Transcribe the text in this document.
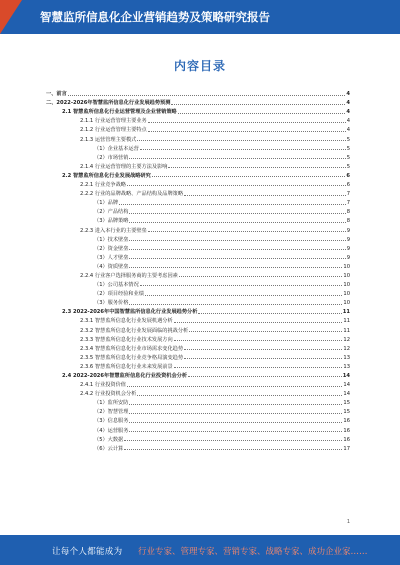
智慧监所信息化企业营销趋势及策略研究报告
内容目录
一、前言	4
二、2022-2026年智慧监所信息化行业发展趋势预测	4
2.1 智慧监所信息化行业运营管理及企业营销策略	4
2.1.1 行业运营管理主要业务	4
2.1.2 行业运营管理主要特点	4
2.1.3 运营管理主要模式	5
（1）企业基本运营	5
（2）市场营销	5
2.1.4 行业运营管理的主要方法及影响	5
2.2 智慧监所信息化行业发展战略研究	6
2.2.1 行业竞争战略	6
2.2.2 行业的品牌战略、产品结构及品牌策略	7
（1）品牌	7
（2）产品结构	8
（3）品牌策略	8
2.2.3 进入本行业的主要壁垒	9
（1）技术壁垒	9
（2）资金壁垒	9
（3）人才壁垒	9
（4）资质壁垒	10
2.2.4 行业客户选择服务商的主要考虑因素	10
（1）公司基本情况	10
（2）项目经验和业绩	10
（3）服务价格	10
2.3 2022-2026年中国智慧监所信息化行业发展趋势分析	11
2.3.1 智慧监所信息化行业发展机遇分析	11
2.3.2 智慧监所信息化行业发展面临的挑战分析	11
2.3.3 智慧监所信息化行业技术发展方向	12
2.3.4 智慧监所信息化行业市场需求变化趋势	12
2.3.5 智慧监所信息化行业竞争格局演变趋势	13
2.3.6 智慧监所信息化行业未来发展前景	13
2.4 2022-2026年智慧监所信息化行业投资机会分析	14
2.4.1 行业投资价值	14
2.4.2 行业投资机会分析	14
（1）监所安防	15
（2）智慧管理	15
（3）信息服务	16
（4）运营服务	16
（5）大数据	16
（6）云计算	17
1
让每个人都能成为 行业专家、管理专家、营销专家、战略专家、成功企业家……
